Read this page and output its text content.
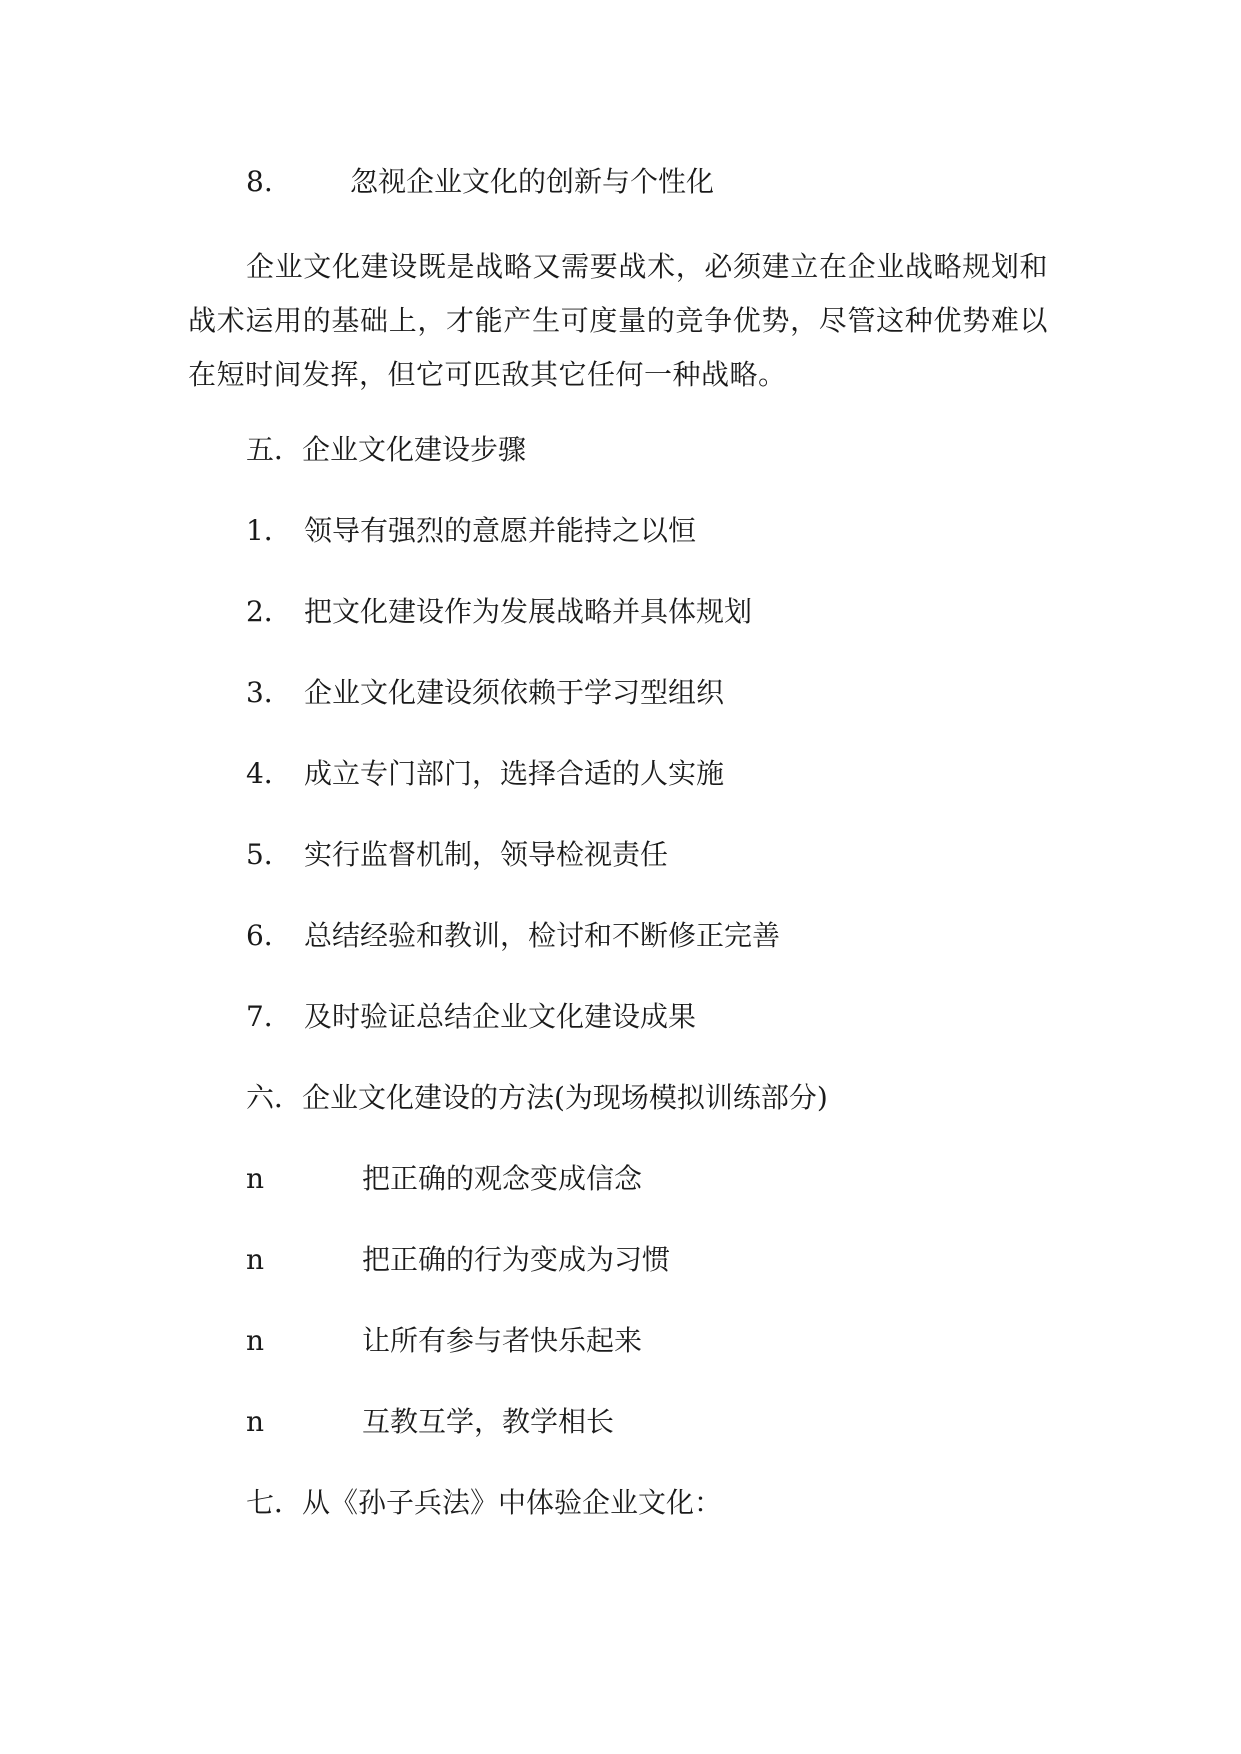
8.	忽视企业文化的创新与个性化
企业文化建设既是战略又需要战术，必须建立在企业战略规划和战术运用的基础上，才能产生可度量的竞争优势，尽管这种优势难以在短时间发挥，但它可匹敌其它任何一种战略。
五．企业文化建设步骤
1． 领导有强烈的意愿并能持之以恒
2． 把文化建设作为发展战略并具体规划
3． 企业文化建设须依赖于学习型组织
4． 成立专门部门，选择合适的人实施
5． 实行监督机制，领导检视责任
6． 总结经验和教训，检讨和不断修正完善
7． 及时验证总结企业文化建设成果
六．企业文化建设的方法(为现场模拟训练部分)
n	把正确的观念变成信念
n	把正确的行为变成为习惯
n	让所有参与者快乐起来
n	互教互学，教学相长
七．从《孙子兵法》中体验企业文化：
